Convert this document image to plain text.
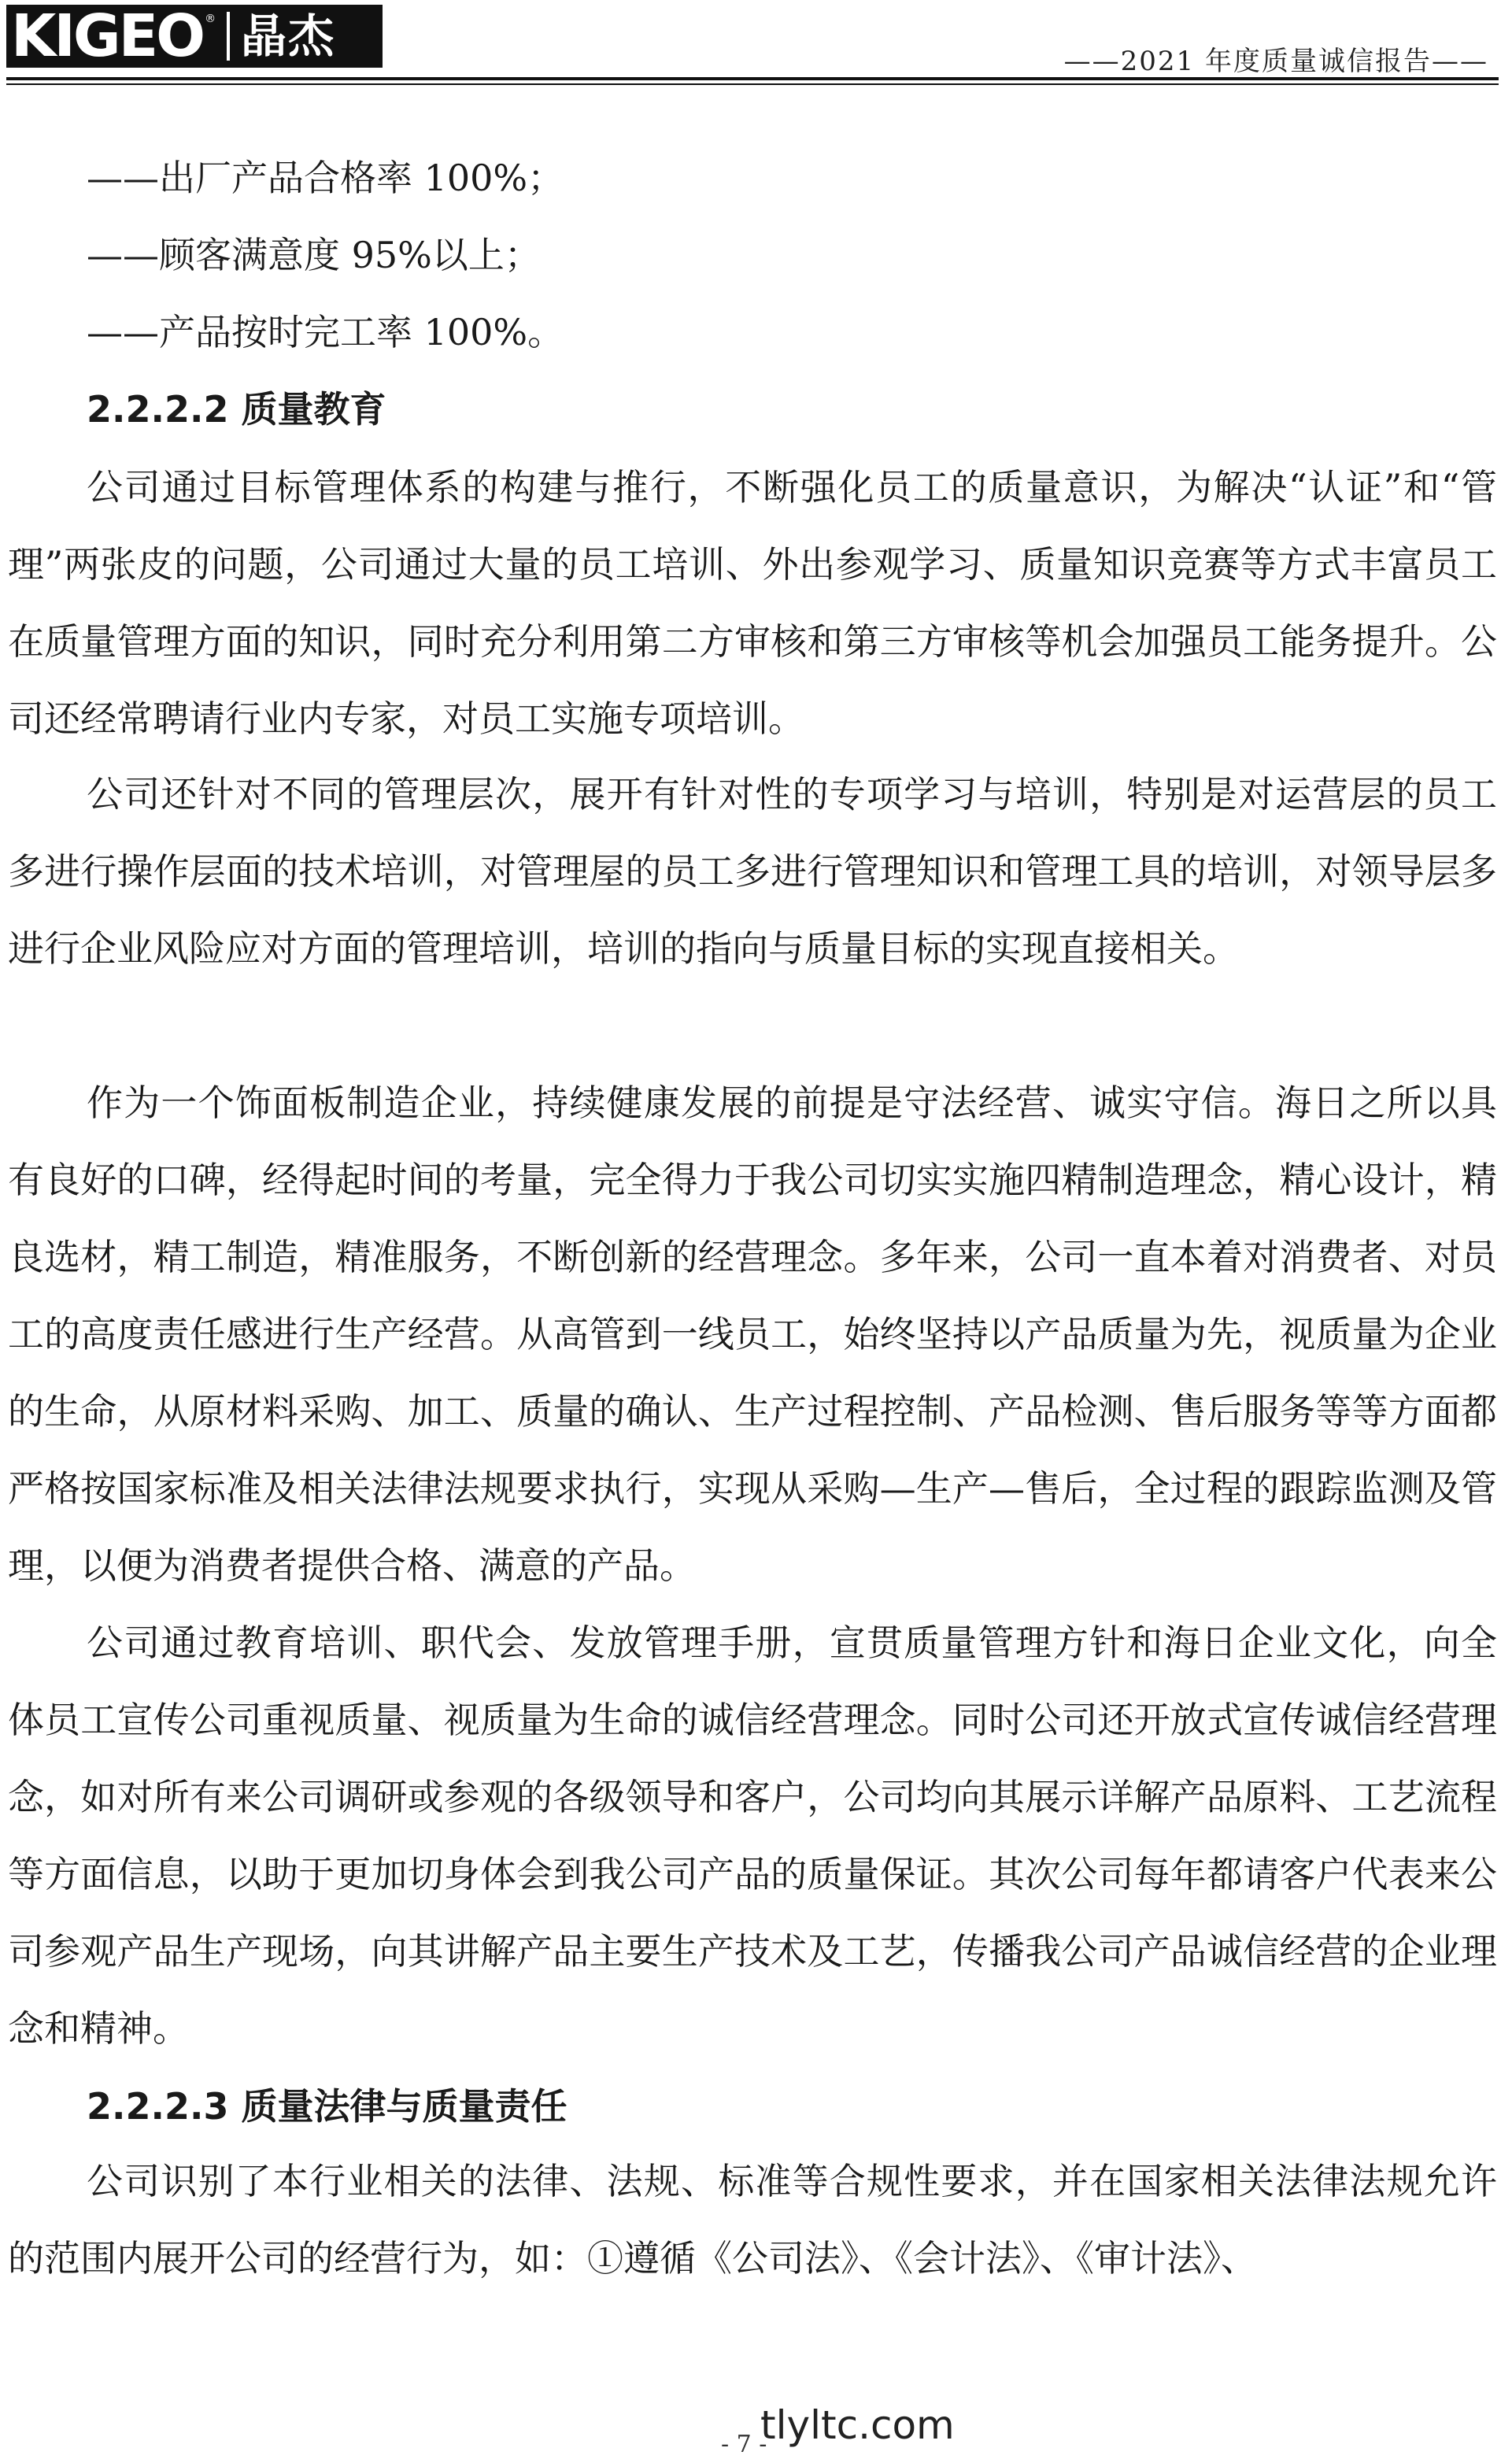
KIGEO ® 晶杰	——2021 年度质量诚信报告——
——出厂产品合格率 100%；
——顾客满意度 95%以上；
——产品按时完工率 100%。
2.2.2.2 质量教育

公司通过目标管理体系的构建与推行，不断强化员工的质量意识，为解决“认证”和“管理”两张皮的问题，公司通过大量的员工培训、外出参观学习、质量知识竞赛等方式丰富员工在质量管理方面的知识，同时充分利用第二方审核和第三方审核等机会加强员工能务提升。公司还经常聘请行业内专家，对员工实施专项培训。

公司还针对不同的管理层次，展开有针对性的专项学习与培训，特别是对运营层的员工多进行操作层面的技术培训，对管理屋的员工多进行管理知识和管理工具的培训，对领导层多进行企业风险应对方面的管理培训，培训的指向与质量目标的实现直接相关。

作为一个饰面板制造企业，持续健康发展的前提是守法经营、诚实守信。海日之所以具有良好的口碑，经得起时间的考量，完全得力于我公司切实实施四精制造理念，精心设计，精良选材，精工制造，精准服务，不断创新的经营理念。多年来，公司一直本着对消费者、对员工的高度责任感进行生产经营。从高管到一线员工，始终坚持以产品质量为先，视质量为企业的生命，从原材料采购、加工、质量的确认、生产过程控制、产品检测、售后服务等等方面都严格按国家标准及相关法律法规要求执行，实现从采购—生产—售后，全过程的跟踪监测及管理，以便为消费者提供合格、满意的产品。

公司通过教育培训、职代会、发放管理手册，宣贯质量管理方针和海日企业文化，向全体员工宣传公司重视质量、视质量为生命的诚信经营理念。同时公司还开放式宣传诚信经营理念，如对所有来公司调研或参观的各级领导和客户，公司均向其展示详解产品原料、工艺流程等方面信息，以助于更加切身体会到我公司产品的质量保证。其次公司每年都请客户代表来公司参观产品生产现场，向其讲解产品主要生产技术及工艺，传播我公司产品诚信经营的企业理念和精神。

2.2.2.3 质量法律与质量责任

公司识别了本行业相关的法律、法规、标准等合规性要求，并在国家相关法律法规允许的范围内展开公司的经营行为，如：①遵循《公司法》、《会计法》、《审计法》、

- 7 -
tlyltc.com
